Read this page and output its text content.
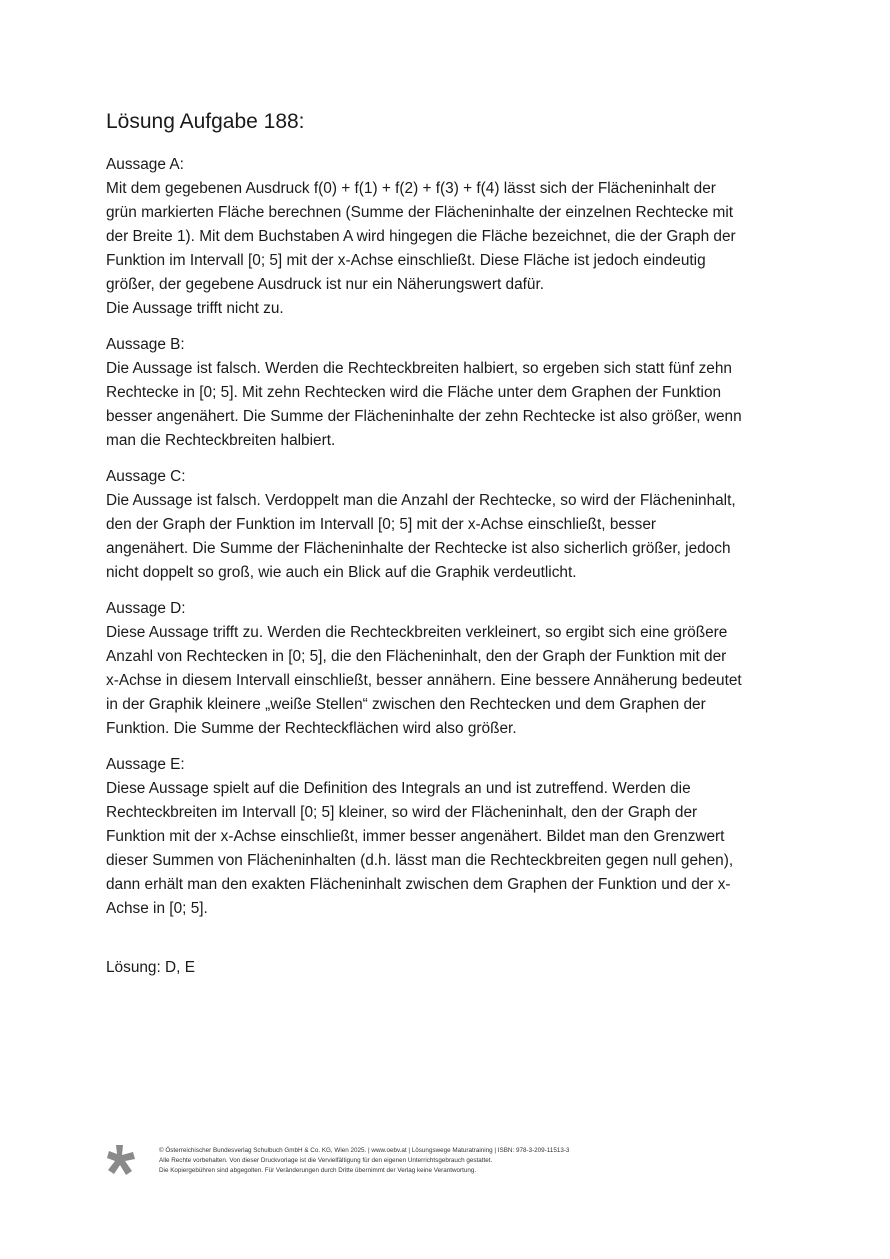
Lösung Aufgabe 188:

Aussage A:

Mit dem gegebenen Ausdruck f(0) + f(1) + f(2) + f(3) + f(4) lässt sich der Flächeninhalt der

grün markierten Fläche berechnen (Summe der Flächeninhalte der einzelnen Rechtecke mit

der Breite 1). Mit dem Buchstaben A wird hingegen die Fläche bezeichnet, die der Graph der

Funktion im Intervall [0; 5] mit der x-Achse einschließt. Diese Fläche ist jedoch eindeutig

größer, der gegebene Ausdruck ist nur ein Näherungswert dafür.

Die Aussage trifft nicht zu.

Aussage B:

Die Aussage ist falsch. Werden die Rechteckbreiten halbiert, so ergeben sich statt fünf zehn

Rechtecke in [0; 5]. Mit zehn Rechtecken wird die Fläche unter dem Graphen der Funktion

besser angenähert. Die Summe der Flächeninhalte der zehn Rechtecke ist also größer, wenn

man die Rechteckbreiten halbiert.

Aussage C:

Die Aussage ist falsch. Verdoppelt man die Anzahl der Rechtecke, so wird der Flächeninhalt,

den der Graph der Funktion im Intervall [0; 5] mit der x-Achse einschließt, besser

angenähert. Die Summe der Flächeninhalte der Rechtecke ist also sicherlich größer, jedoch

nicht doppelt so groß, wie auch ein Blick auf die Graphik verdeutlicht.

Aussage D:

Diese Aussage trifft zu. Werden die Rechteckbreiten verkleinert, so ergibt sich eine größere

Anzahl von Rechtecken in [0; 5], die den Flächeninhalt, den der Graph der Funktion mit der

x-Achse in diesem Intervall einschließt, besser annähern. Eine bessere Annäherung bedeutet

in der Graphik kleinere „weiße Stellen“ zwischen den Rechtecken und dem Graphen der

Funktion. Die Summe der Rechteckflächen wird also größer.

Aussage E:

Diese Aussage spielt auf die Definition des Integrals an und ist zutreffend. Werden die

Rechteckbreiten im Intervall [0; 5] kleiner, so wird der Flächeninhalt, den der Graph der

Funktion mit der x-Achse einschließt, immer besser angenähert. Bildet man den Grenzwert

dieser Summen von Flächeninhalten (d.h. lässt man die Rechteckbreiten gegen null gehen),

dann erhält man den exakten Flächeninhalt zwischen dem Graphen der Funktion und der x-

Achse in [0; 5].

Lösung: D, E

© Österreichischer Bundesverlag Schulbuch GmbH & Co. KG, Wien 2025. | www.oebv.at | Lösungswege Maturatraining | ISBN: 978-3-209-11513-3
Alle Rechte vorbehalten. Von dieser Druckvorlage ist die Vervielfältigung für den eigenen Unterrichtsgebrauch gestattet.
Die Kopiergebühren sind abgegolten. Für Veränderungen durch Dritte übernimmt der Verlag keine Verantwortung.
